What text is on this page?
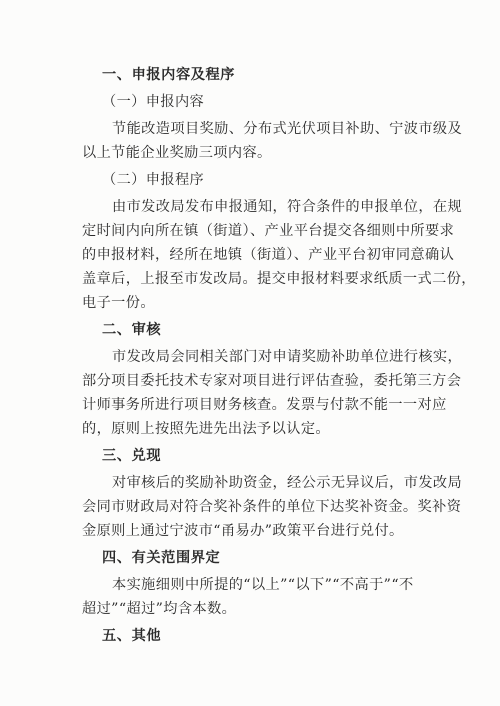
一、申报内容及程序
（一）申报内容
节能改造项目奖励、分布式光伏项目补助、宁波市级及
以上节能企业奖励三项内容。
（二）申报程序
由市发改局发布申报通知，符合条件的申报单位，在规
定时间内向所在镇（街道）、产业平台提交各细则中所要求
的申报材料，经所在地镇（街道）、产业平台初审同意确认
盖章后，上报至市发改局。提交申报材料要求纸质一式二份，
电子一份。
二、审核
市发改局会同相关部门对申请奖励补助单位进行核实，
部分项目委托技术专家对项目进行评估查验，委托第三方会
计师事务所进行项目财务核查。发票与付款不能一一对应
的，原则上按照先进先出法予以认定。
三、兑现
对审核后的奖励补助资金，经公示无异议后，市发改局
会同市财政局对符合奖补条件的单位下达奖补资金。奖补资
金原则上通过宁波市“甬易办”政策平台进行兑付。
四、有关范围界定
本实施细则中所提的“以上”“以下”“不高于”“不
超过”“超过”均含本数。
五、其他
